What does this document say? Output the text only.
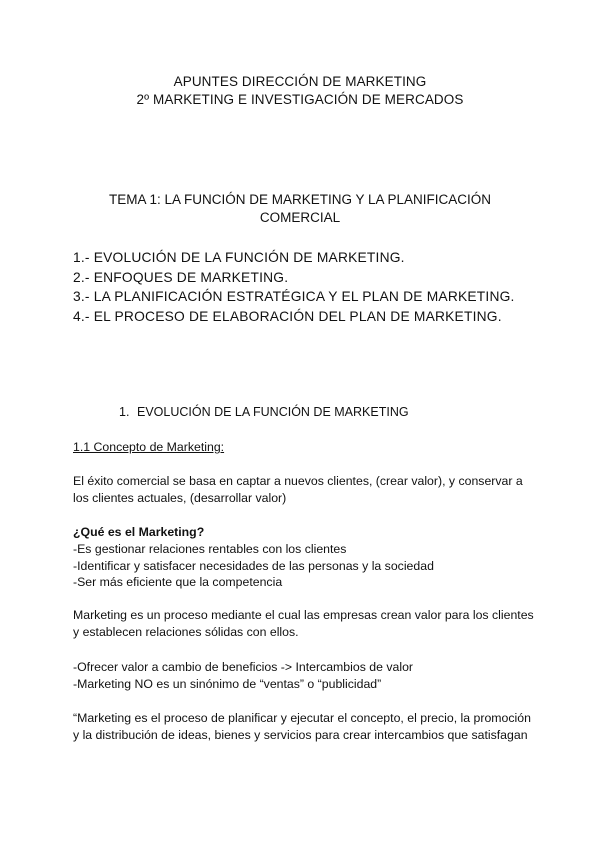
APUNTES DIRECCIÓN DE MARKETING
2º MARKETING E INVESTIGACIÓN DE MERCADOS
TEMA 1: LA FUNCIÓN DE MARKETING Y LA PLANIFICACIÓN
COMERCIAL
1.- EVOLUCIÓN DE LA FUNCIÓN DE MARKETING.
2.- ENFOQUES DE MARKETING.
3.- LA PLANIFICACIÓN ESTRATÉGICA Y EL PLAN DE MARKETING.
4.- EL PROCESO DE ELABORACIÓN DEL PLAN DE MARKETING.
1. EVOLUCIÓN DE LA FUNCIÓN DE MARKETING
1.1 Concepto de Marketing:
El éxito comercial se basa en captar a nuevos clientes, (crear valor), y conservar a
los clientes actuales, (desarrollar valor)
¿Qué es el Marketing?
-Es gestionar relaciones rentables con los clientes
-Identificar y satisfacer necesidades de las personas y la sociedad
-Ser más eficiente que la competencia
Marketing es un proceso mediante el cual las empresas crean valor para los clientes
y establecen relaciones sólidas con ellos.
-Ofrecer valor a cambio de beneficios -> Intercambios de valor
-Marketing NO es un sinónimo de “ventas” o “publicidad”
“Marketing es el proceso de planificar y ejecutar el concepto, el precio, la promoción
y la distribución de ideas, bienes y servicios para crear intercambios que satisfagan
